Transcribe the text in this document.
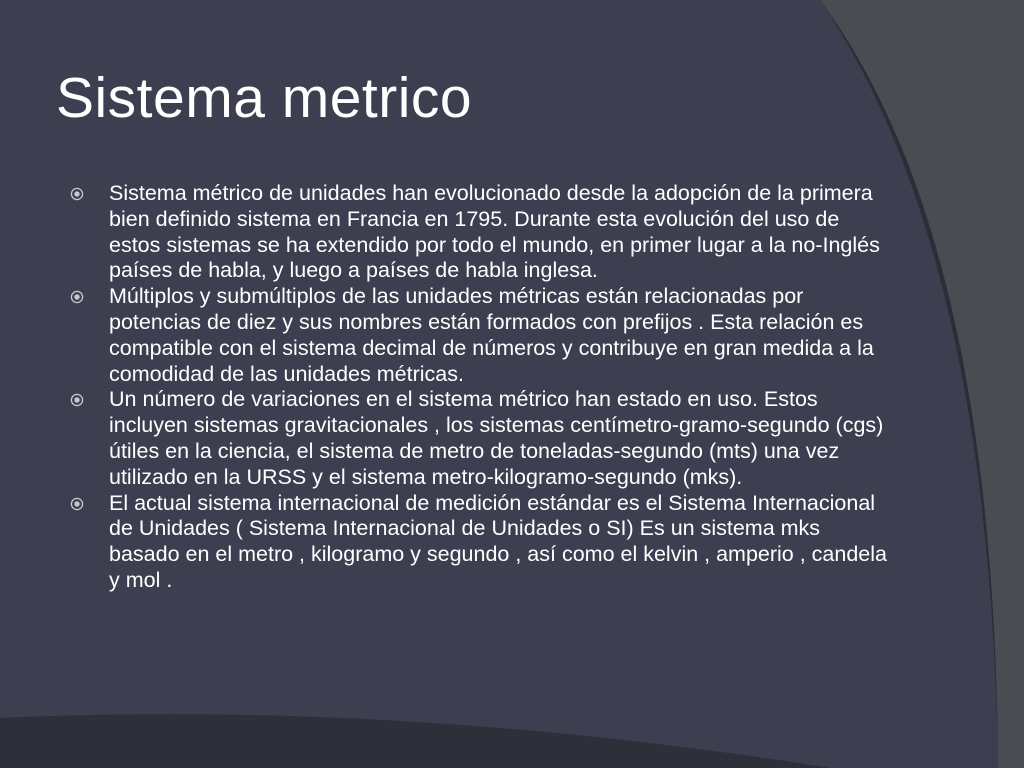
Sistema metrico
Sistema métrico de unidades han evolucionado desde la adopción de la primera bien definido sistema en Francia en 1795. Durante esta evolución del uso de estos sistemas se ha extendido por todo el mundo, en primer lugar a la no-Inglés países de habla, y luego a países de habla inglesa.
Múltiplos y submúltiplos de las unidades métricas están relacionadas por potencias de diez y sus nombres están formados con prefijos . Esta relación es compatible con el sistema decimal de números y contribuye en gran medida a la comodidad de las unidades métricas.
Un número de variaciones en el sistema métrico han estado en uso. Estos incluyen sistemas gravitacionales , los sistemas centímetro-gramo-segundo (cgs) útiles en la ciencia, el sistema de metro de toneladas-segundo (mts) una vez utilizado en la URSS y el sistema metro-kilogramo-segundo (mks).
El actual sistema internacional de medición estándar es el Sistema Internacional de Unidades ( Sistema Internacional de Unidades o SI) Es un sistema mks basado en el metro , kilogramo y segundo , así como el kelvin , amperio , candela y mol .
